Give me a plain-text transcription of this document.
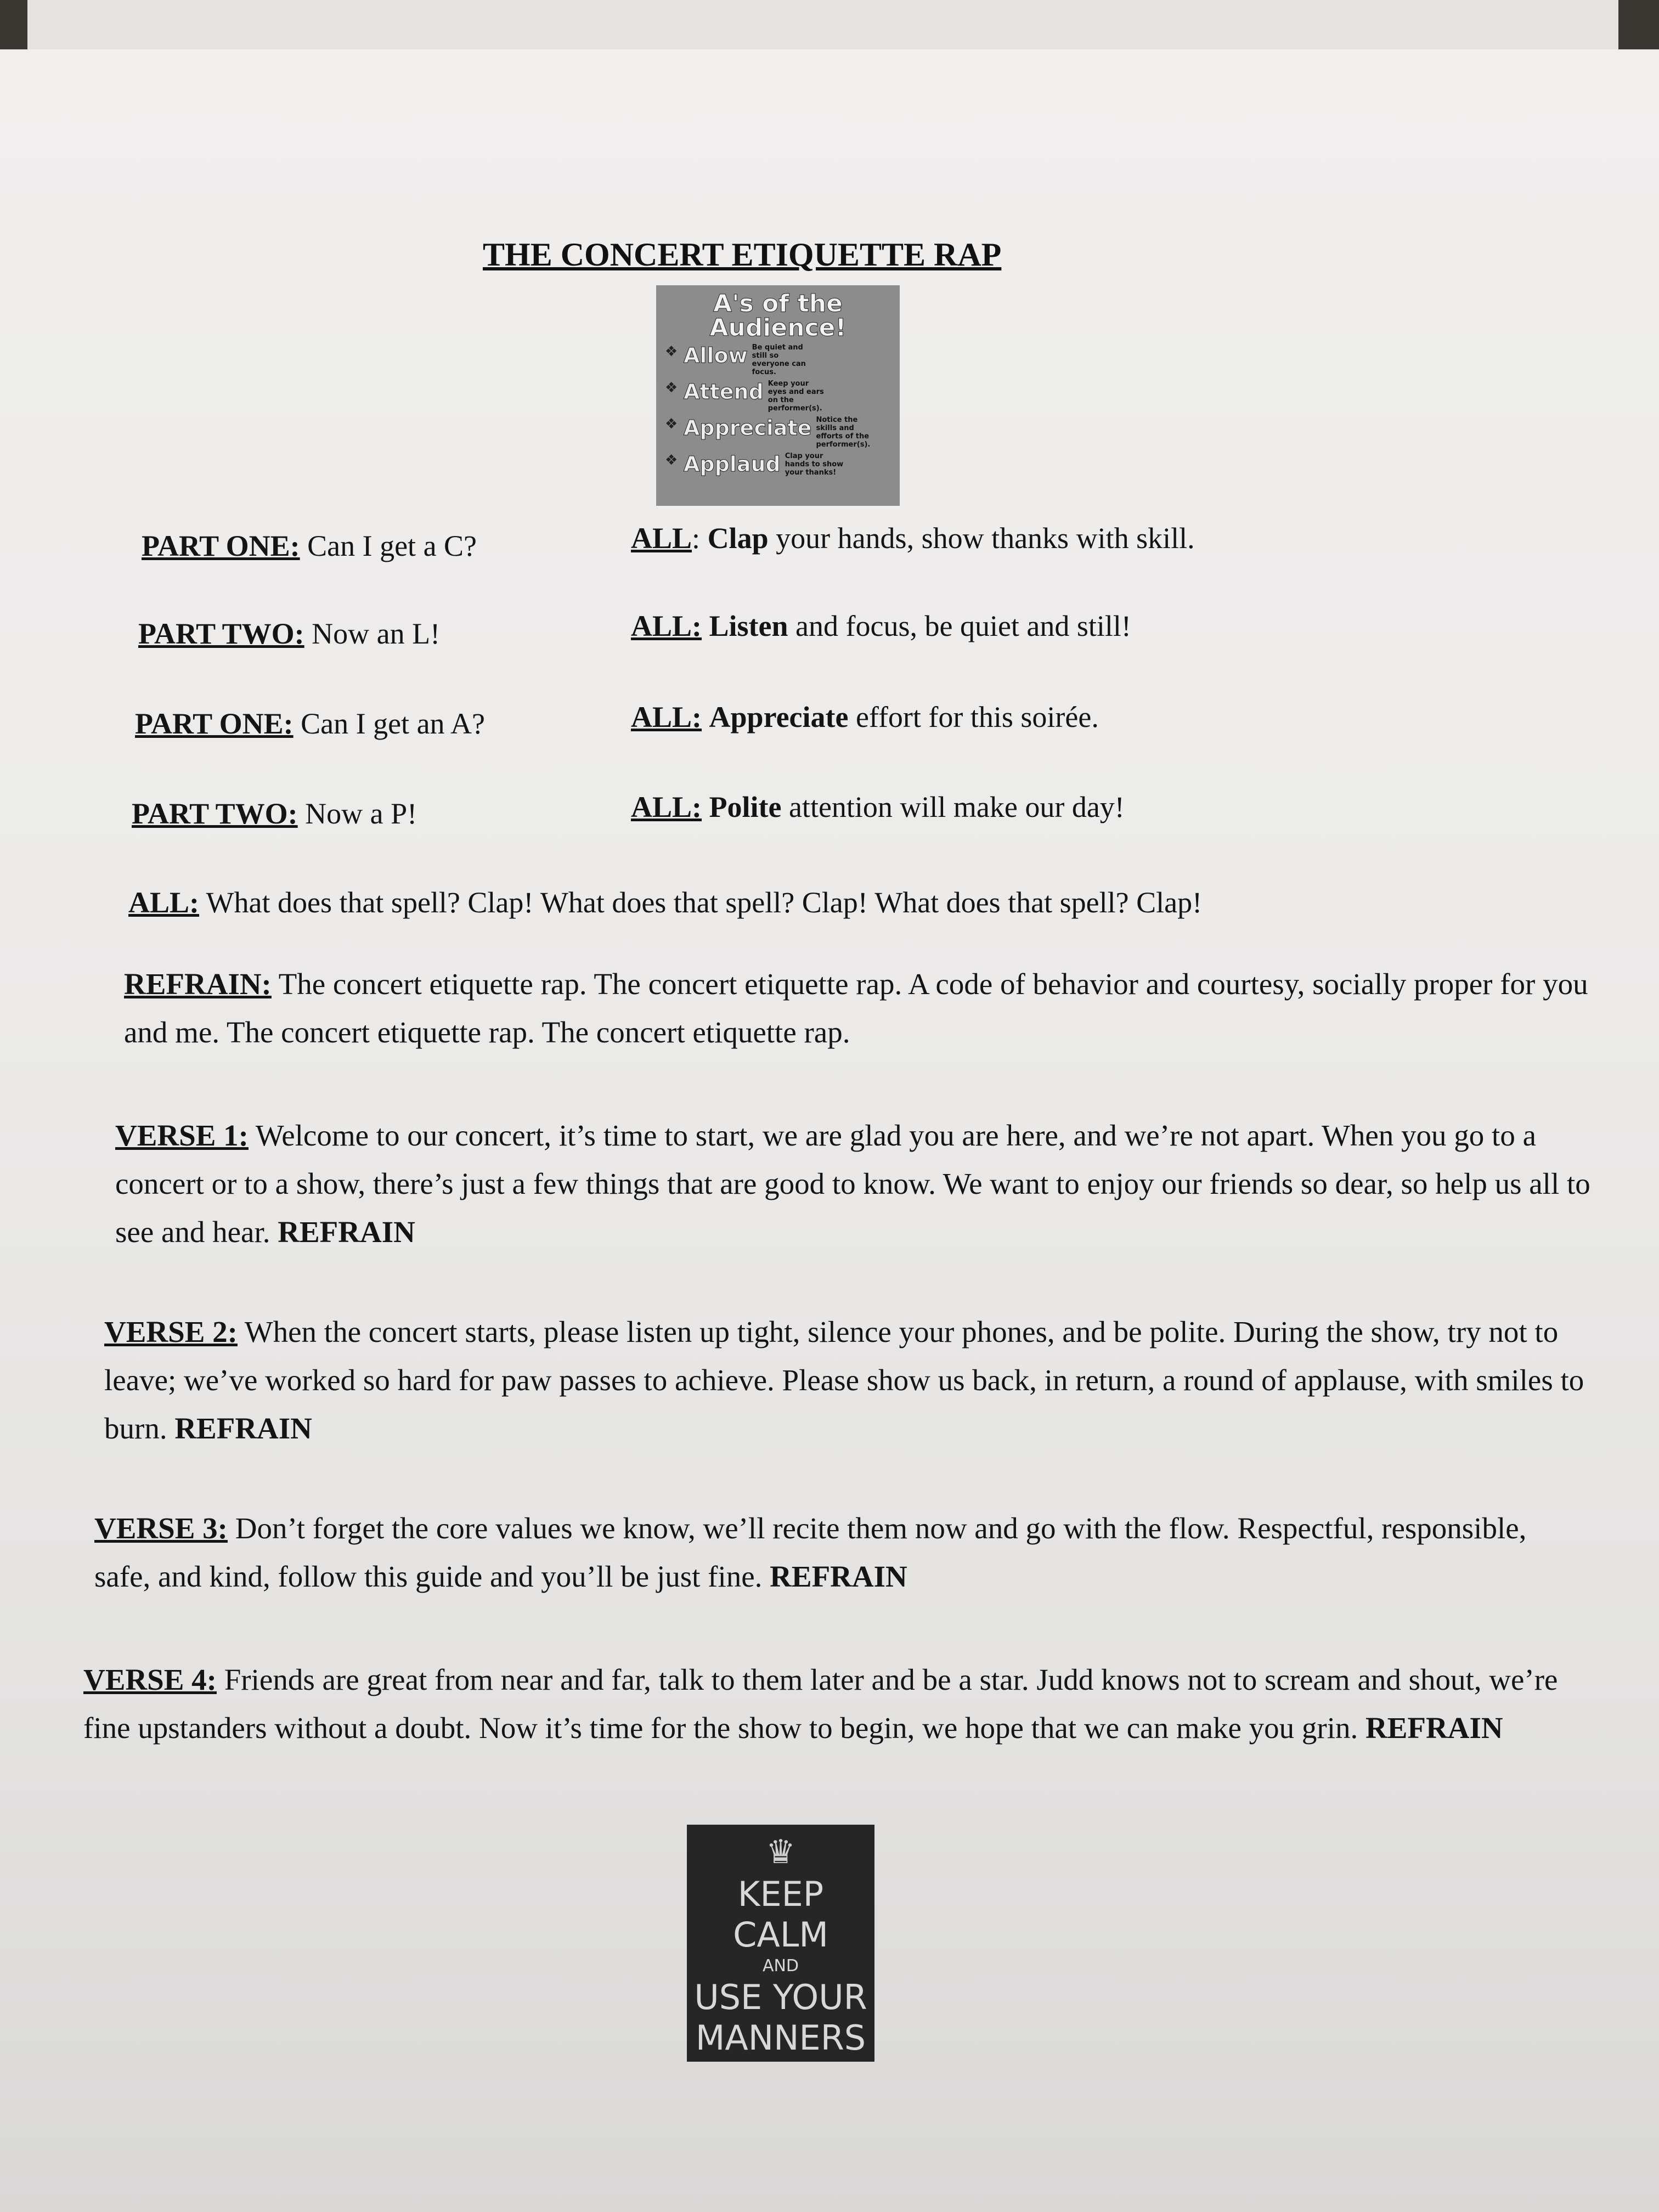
THE CONCERT ETIQUETTE RAP
A's of the
Audience!
❖ Allow Be quiet and still so everyone can focus.
❖ Attend Keep your eyes and ears on the performer(s).
❖ Appreciate Notice the skills and efforts of the performer(s).
❖ Applaud Clap your hands to show your thanks!
PART ONE: Can I get a C?	ALL: Clap your hands, show thanks with skill.
PART TWO: Now an L!	ALL: Listen and focus, be quiet and still!
PART ONE: Can I get an A?	ALL: Appreciate effort for this soirée.
PART TWO: Now a P!	ALL: Polite attention will make our day!
ALL: What does that spell? Clap! What does that spell? Clap! What does that spell? Clap!
REFRAIN: The concert etiquette rap. The concert etiquette rap. A code of behavior and courtesy, socially proper for you and me. The concert etiquette rap. The concert etiquette rap.
VERSE 1: Welcome to our concert, it’s time to start, we are glad you are here, and we’re not apart. When you go to a concert or to a show, there’s just a few things that are good to know. We want to enjoy our friends so dear, so help us all to see and hear. REFRAIN
VERSE 2: When the concert starts, please listen up tight, silence your phones, and be polite. During the show, try not to leave; we’ve worked so hard for paw passes to achieve. Please show us back, in return, a round of applause, with smiles to burn. REFRAIN
VERSE 3: Don’t forget the core values we know, we’ll recite them now and go with the flow. Respectful, responsible, safe, and kind, follow this guide and you’ll be just fine. REFRAIN
VERSE 4: Friends are great from near and far, talk to them later and be a star. Judd knows not to scream and shout, we’re fine upstanders without a doubt. Now it’s time for the show to begin, we hope that we can make you grin. REFRAIN
♛
KEEP
CALM
AND
USE YOUR
MANNERS
